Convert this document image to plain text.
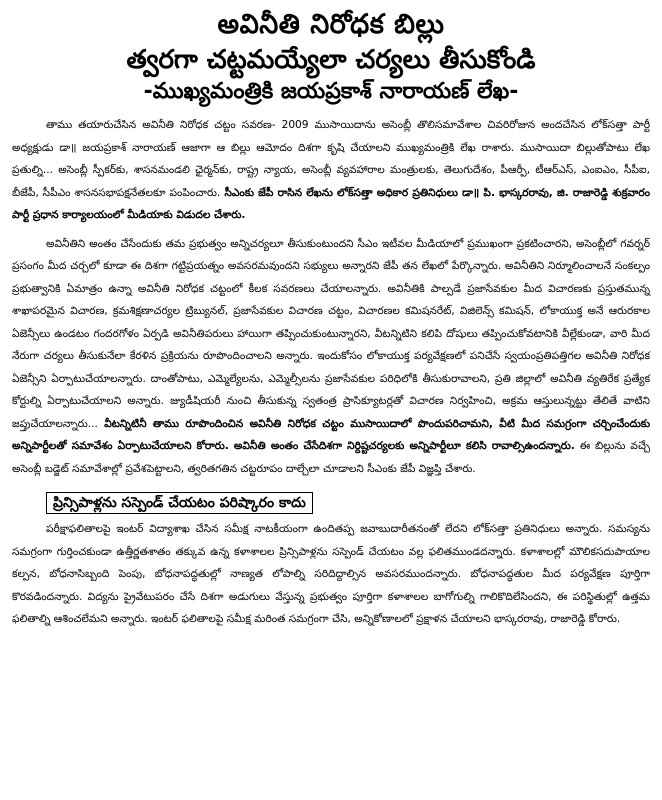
అవినీతి నిరోధక బిల్లు
త్వరగా చట్టమయ్యేలా చర్యలు తీసుకోండి
-ముఖ్యమంత్రికి జయప్రకాశ్ నారాయణ్ లేఖ-

తాము తయారుచేసిన అవినీతి నిరోధక చట్టం సవరణ- 2009 ముసాయిదాను అసెంబ్లీ తొలిసమావేశాల చివరిరోజున అందచేసిన లోక్‌సత్తా పార్టీ అధ్యక్షుడు డా॥ జయప్రకాశ్ నారాయణ్ ఆజాగా ఆ బిల్లు ఆమోదం దిశగా కృషి చేయాలని ముఖ్యమంత్రికి లేఖ రాశారు. ముసాయిదా బిల్లుతోపాటు లేఖ ప్రతుల్ని... అసెంబ్లీ స్పీకర్‌కు, శాసనమండలి ఛైర్మన్‌కు, రాష్ట్ర న్యాయ, అసెంబ్లీ వ్యవహారాల మంత్రులకు, తెలుగుదేశం, పీఆర్పీ, టీఆర్ఎస్, ఎంఐఎం, సీపీఐ, బీజేపీ, సీపీఎం శాసనసభాపక్షనేతలకూ పంపించారు. సీఎంకు జేపీ రాసిన లేఖను లోక్‌సత్తా అధికార ప్రతినిధులు డా॥ పి. భాస్కరరావు, జి. రాజారెడ్డి శుక్రవారం పార్టీ ప్రధాన కార్యాలయంలో మీడియాకు విడుదల చేశారు.

అవినీతిని అంతం చేసేందుకు తమ ప్రభుత్వం అన్నిచర్యలూ తీసుకుంటుందని సీఎం ఇటీవల మీడియాలో ప్రముఖంగా ప్రకటించారని, అసెంబ్లీలో గవర్నర్ ప్రసంగం మీద చర్చలో కూడా ఈ దిశగా గట్టిప్రయత్నం అవసరమవుందని సభ్యులు అన్నారని జేపీ తన లేఖలో పేర్కొన్నారు. అవినీతిని నిర్మూలించాలనే సంకల్పం ప్రభుత్వానికి ఏమాత్రం ఉన్నా అవినీతి నిరోధక చట్టంలో కీలక సవరణలు చేయాలన్నారు. అవినీతికి పాల్పడే ప్రజాసేవకుల మీద విచారణకు ప్రస్తుతమున్న శాఖాపరమైన విచారణ, క్రమశిక్షణాచర్యల ట్రిబ్యునల్, ప్రజాసేవకుల విచారణ చట్టం, విచారణల కమిషనరేట్, విజిలెన్స్ కమిషన్, లోకాయుక్త అనే ఆరురకాల ఏజెన్సీలు ఉండటం గందరగోళం ఏర్పడి అవినీతిపరులు హాయిగా తప్పించుకుంటున్నారని, వీటన్నిటిని కలిపి దోషులు తప్పించుకోవటానికి వీల్లేకుండా, వారి మీద నేరుగా చర్యలు తీసుకునేలా కేరళిన ప్రక్రియను రూపొందించాలని అన్నారు. ఇందుకోసం లోకాయుక్త పర్యవేక్షణలో పనిచేసే స్వయంప్రతిపత్తిగల అవినీతి నిరోధక ఏజెన్సీని ఏర్పాటుచేయాలన్నారు. దాంతోపాటు, ఎమ్మెల్యేలను, ఎమ్మెల్సీలను ప్రజాసేవకుల పరిధిలోకి తీసుకురావాలని, ప్రతి జిల్లాలో అవినీతి వ్యతిరేక ప్రత్యేక కోర్టుల్ని ఏర్పాటుచేయాలని అన్నారు. జ్యుడీషియరీ నుంచి తీసుకున్న స్వతంత్ర ప్రాసిక్యూటర్లతో విచారణ నిర్వహించి, అక్రమ ఆస్తులున్నట్టు తేలితే వాటిని జప్తుచేయాలన్నారు... వీటన్నిటినీ తాము రూపొందించిన అవినీతి నిరోధక చట్టం ముసాయిదాలో పొందుపరిచామని, వీటి మీద సమగ్రంగా చర్చించేందుకు అన్నిపార్టీలతో సమావేశం ఏర్పాటుచేయాలని కోరారు. అవినీతి అంతం చేసేదిశగా నిర్దిష్టచర్యలకు అన్నిపార్టీలూ కలిసి రావాల్సిఉందన్నారు. ఈ బిల్లును వచ్చే అసెంబ్లీ బడ్జెట్ సమావేశాల్లో ప్రవేశపెట్టాలని, త్వరితగతిన చట్టరూపం దాల్చేలా చూడాలని సీఎంకు జేపీ విజ్ఞప్తి చేశారు.

ప్రిన్సిపాళ్లను సస్పెండ్ చేయటం పరిష్కారం కాదు

పరీక్షాఫలితాలపై ఇంటర్ విద్యాశాఖ చేసిన సమీక్ష నాటకీయంగా ఉందితప్ప జవాబుదారీతనంతో లేదని లోక్‌సత్తా ప్రతినిధులు అన్నారు. సమస్యను సమగ్రంగా గుర్తించకుండా ఉత్తీర్ణతశాతం తక్కువ ఉన్న కళాశాలల ప్రిన్సిపాళ్లను సస్పెండ్ చేయటం వల్ల ఫలితముండదన్నారు. కళాశాలల్లో మౌలికసదుపాయాల కల్పన, బోధనాసిబ్బంది పెంపు, బోధనాపద్ధతుల్లో నాణ్యత లోపాల్ని సరిదిద్దాల్సిన అవసరముందన్నారు. బోధనాపద్ధతుల మీద పర్యవేక్షణ పూర్తిగా కొరవడిందన్నారు. విద్యను ప్రైవేటుపరం చేసే దిశగా అడుగులు వేస్తున్న ప్రభుత్వం పూర్తిగా కళాశాలల బాగోగుల్ని గాలికొదిలేసిందని, ఈ పరిస్థితుల్లో ఉత్తమ ఫలితాల్ని ఆశించలేమని అన్నారు. ఇంటర్ ఫలితాలపై సమీక్ష మరింత సమగ్రంగా చేసి, అన్నికోణాలలో ప్రక్షాళన చేయాలని భాస్కరరావు, రాజారెడ్డి కోరారు.
